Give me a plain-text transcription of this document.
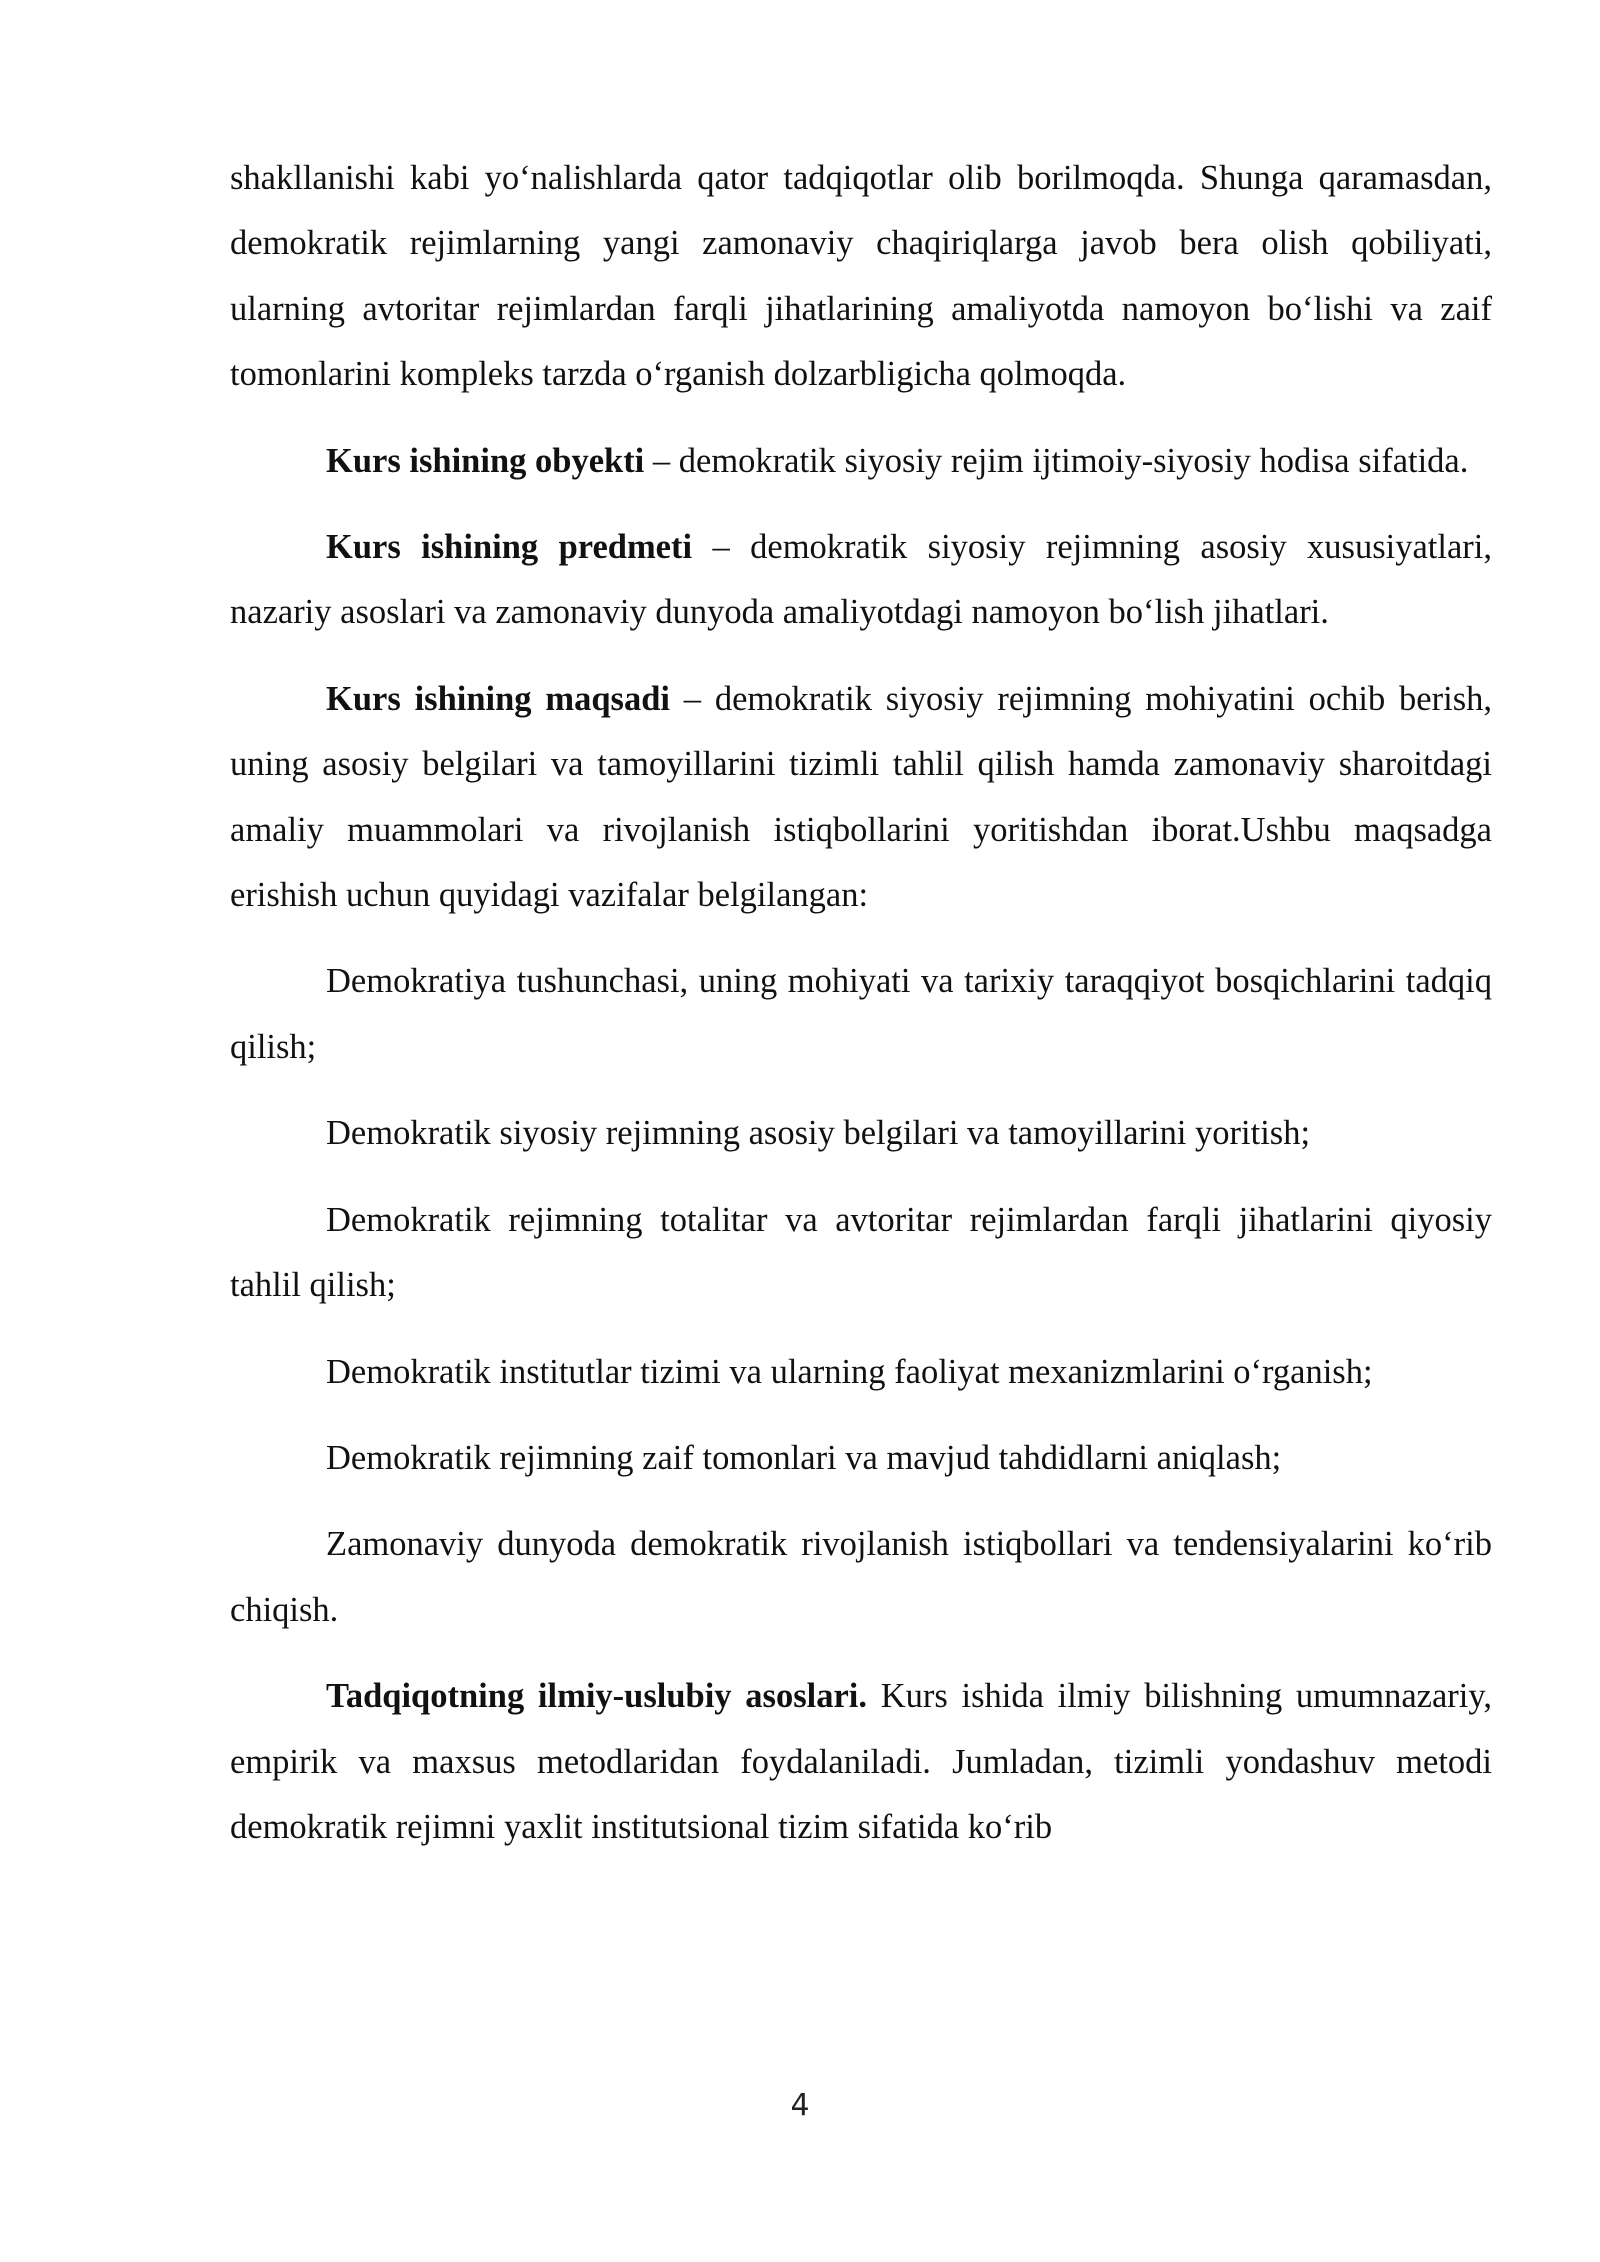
shakllanishi kabi yo‘nalishlarda qator tadqiqotlar olib borilmoqda. Shunga qaramasdan, demokratik rejimlarning yangi zamonaviy chaqiriqlarga javob bera olish qobiliyati, ularning avtoritar rejimlardan farqli jihatlarining amaliyotda namoyon bo‘lishi va zaif tomonlarini kompleks tarzda o‘rganish dolzarbligicha qolmoqda.

Kurs ishining obyekti – demokratik siyosiy rejim ijtimoiy-siyosiy hodisa sifatida.

Kurs ishining predmeti – demokratik siyosiy rejimning asosiy xususiyatlari, nazariy asoslari va zamonaviy dunyoda amaliyotdagi namoyon bo‘lish jihatlari.

Kurs ishining maqsadi – demokratik siyosiy rejimning mohiyatini ochib berish, uning asosiy belgilari va tamoyillarini tizimli tahlil qilish hamda zamonaviy sharoitdagi amaliy muammolari va rivojlanish istiqbollarini yoritishdan iborat.Ushbu maqsadga erishish uchun quyidagi vazifalar belgilangan:

Demokratiya tushunchasi, uning mohiyati va tarixiy taraqqiyot bosqichlarini tadqiq qilish;

Demokratik siyosiy rejimning asosiy belgilari va tamoyillarini yoritish;

Demokratik rejimning totalitar va avtoritar rejimlardan farqli jihatlarini qiyosiy tahlil qilish;

Demokratik institutlar tizimi va ularning faoliyat mexanizmlarini o‘rganish;

Demokratik rejimning zaif tomonlari va mavjud tahdidlarni aniqlash;

Zamonaviy dunyoda demokratik rivojlanish istiqbollari va tendensiyalarini ko‘rib chiqish.

Tadqiqotning ilmiy-uslubiy asoslari. Kurs ishida ilmiy bilishning umumnazariy, empirik va maxsus metodlaridan foydalaniladi. Jumladan, tizimli yondashuv metodi demokratik rejimni yaxlit institutsional tizim sifatida ko‘rib

4
